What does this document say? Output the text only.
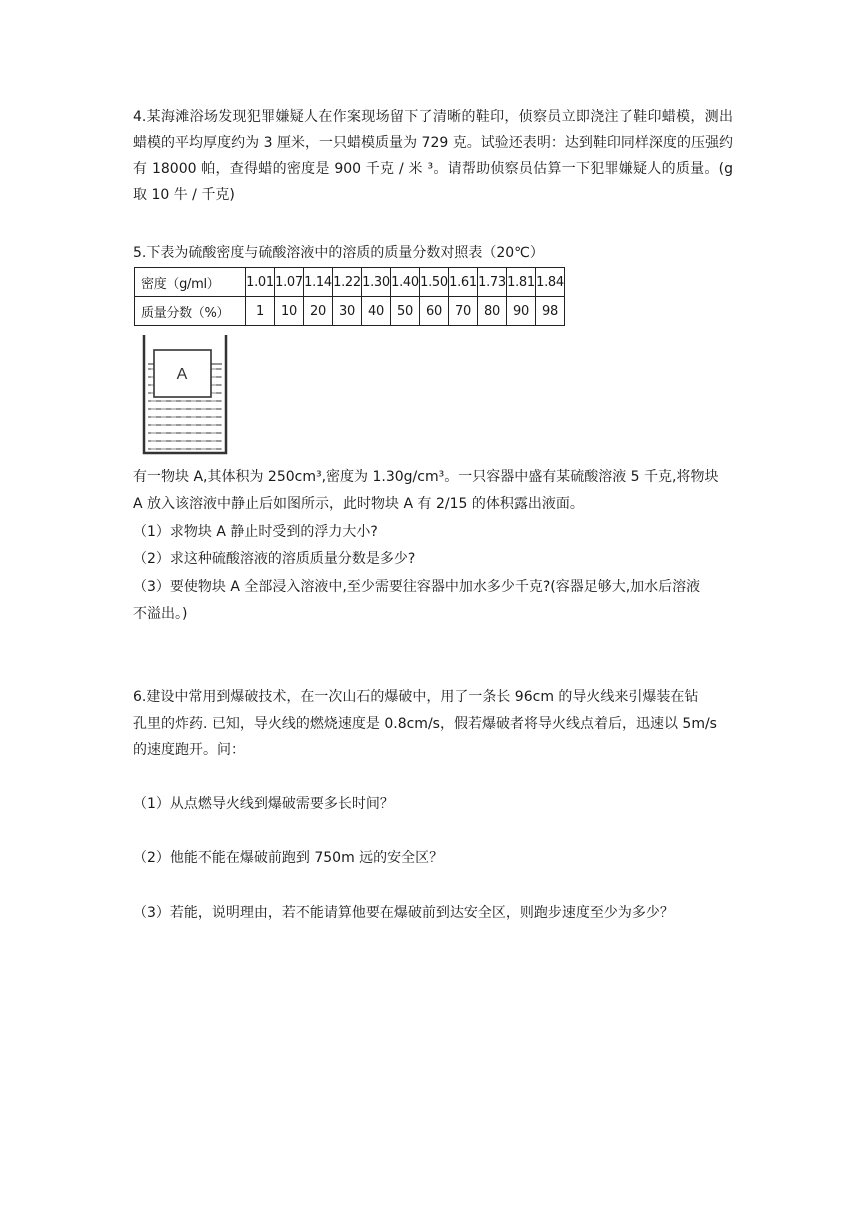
4.某海滩浴场发现犯罪嫌疑人在作案现场留下了清晰的鞋印，侦察员立即浇注了鞋印蜡模，测出蜡模的平均厚度约为 3 厘米，一只蜡模质量为 729 克。试验还表明：达到鞋印同样深度的压强约有 18000 帕，查得蜡的密度是 900 千克 / 米 ³。请帮助侦察员估算一下犯罪嫌疑人的质量。(g 取 10 牛 / 千克)

5.下表为硫酸密度与硫酸溶液中的溶质的质量分数对照表（20℃）

密度（g/ml）	1.01	1.07	1.14	1.22	1.30	1.40	1.50	1.61	1.73	1.81	1.84
质量分数（%）	1	10	20	30	40	50	60	70	80	90	98
A

有一物块 A,其体积为 250cm³,密度为 1.30g/cm³。一只容器中盛有某硫酸溶液 5 千克,将物块

A 放入该溶液中静止后如图所示，此时物块 A 有 2/15 的体积露出液面。

（1）求物块 A 静止时受到的浮力大小?

（2）求这种硫酸溶液的溶质质量分数是多少?

（3）要使物块 A 全部浸入溶液中,至少需要往容器中加水多少千克?(容器足够大,加水后溶液

不溢出。)

6.建设中常用到爆破技术，在一次山石的爆破中，用了一条长 96cm 的导火线来引爆装在钻

孔里的炸药. 已知，导火线的燃烧速度是 0.8cm/s，假若爆破者将导火线点着后，迅速以 5m/s

的速度跑开。问：

（1）从点燃导火线到爆破需要多长时间？

（2）他能不能在爆破前跑到 750m 远的安全区？

（3）若能，说明理由，若不能请算他要在爆破前到达安全区，则跑步速度至少为多少？
